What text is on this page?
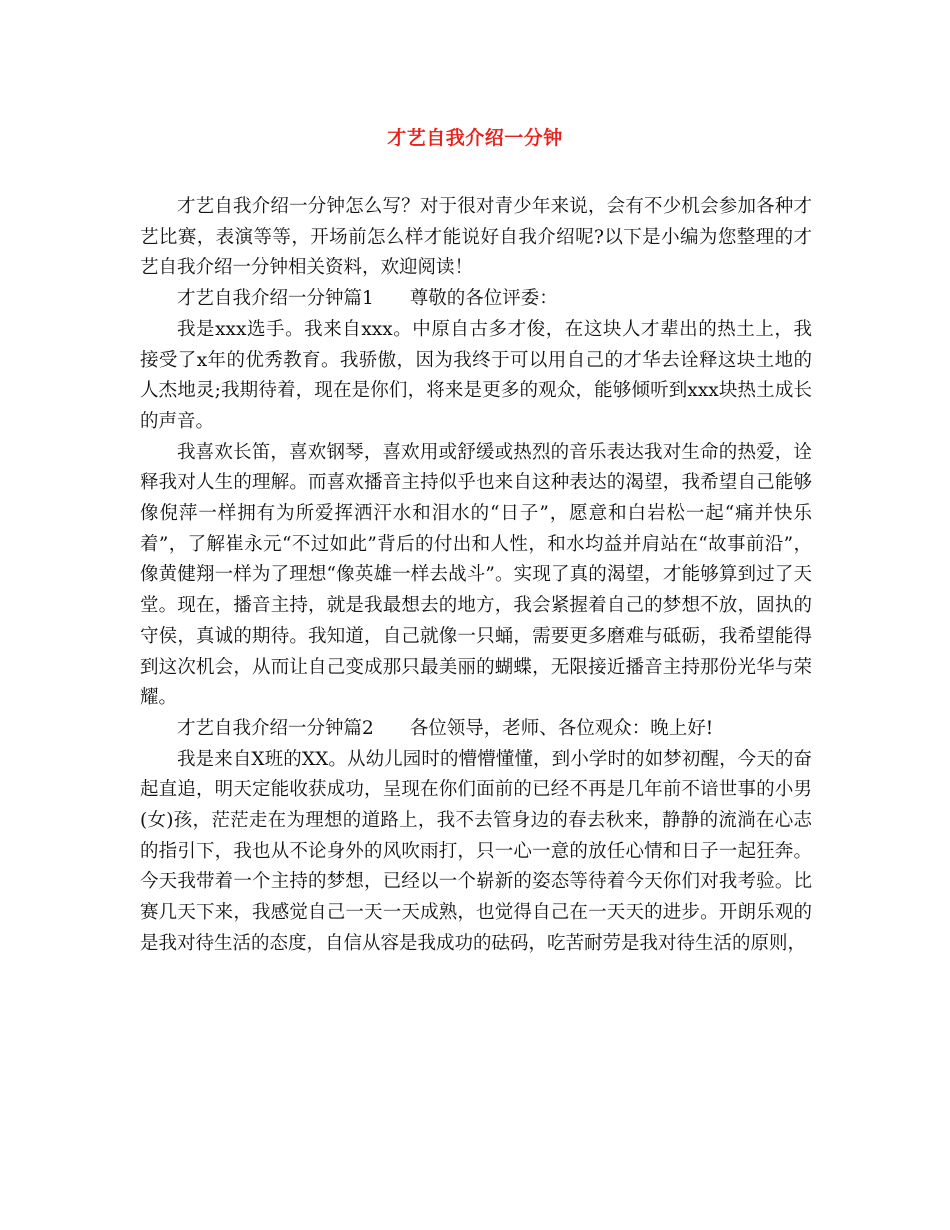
才艺自我介绍一分钟

才艺自我介绍一分钟怎么写？对于很对青少年来说，会有不少机会参加各种才艺比赛，表演等等，开场前怎么样才能说好自我介绍呢?以下是小编为您整理的才艺自我介绍一分钟相关资料，欢迎阅读！

才艺自我介绍一分钟篇1 尊敬的各位评委：

我是xxx选手。我来自xxx。中原自古多才俊，在这块人才辈出的热土上，我接受了x年的优秀教育。我骄傲，因为我终于可以用自己的才华去诠释这块土地的人杰地灵;我期待着，现在是你们，将来是更多的观众，能够倾听到xxx块热土成长的声音。

我喜欢长笛，喜欢钢琴，喜欢用或舒缓或热烈的音乐表达我对生命的热爱，诠释我对人生的理解。而喜欢播音主持似乎也来自这种表达的渴望，我希望自己能够像倪萍一样拥有为所爱挥洒汗水和泪水的“日子”，愿意和白岩松一起“痛并快乐着”，了解崔永元“不过如此”背后的付出和人性，和水均益并肩站在“故事前沿”，像黄健翔一样为了理想“像英雄一样去战斗”。实现了真的渴望，才能够算到过了天堂。现在，播音主持，就是我最想去的地方，我会紧握着自己的梦想不放，固执的守侯，真诚的期待。我知道，自己就像一只蛹，需要更多磨难与砥砺，我希望能得到这次机会，从而让自己变成那只最美丽的蝴蝶，无限接近播音主持那份光华与荣耀。

才艺自我介绍一分钟篇2 各位领导，老师、各位观众：晚上好!

我是来自X班的XX。从幼儿园时的懵懵懂懂，到小学时的如梦初醒，今天的奋起直追，明天定能收获成功，呈现在你们面前的已经不再是几年前不谙世事的小男(女)孩，茫茫走在为理想的道路上，我不去管身边的春去秋来，静静的流淌在心志的指引下，我也从不论身外的风吹雨打，只一心一意的放任心情和日子一起狂奔。今天我带着一个主持的梦想，已经以一个崭新的姿态等待着今天你们对我考验。比赛几天下来，我感觉自己一天一天成熟，也觉得自己在一天天的进步。开朗乐观的是我对待生活的态度，自信从容是我成功的砝码，吃苦耐劳是我对待生活的原则，
